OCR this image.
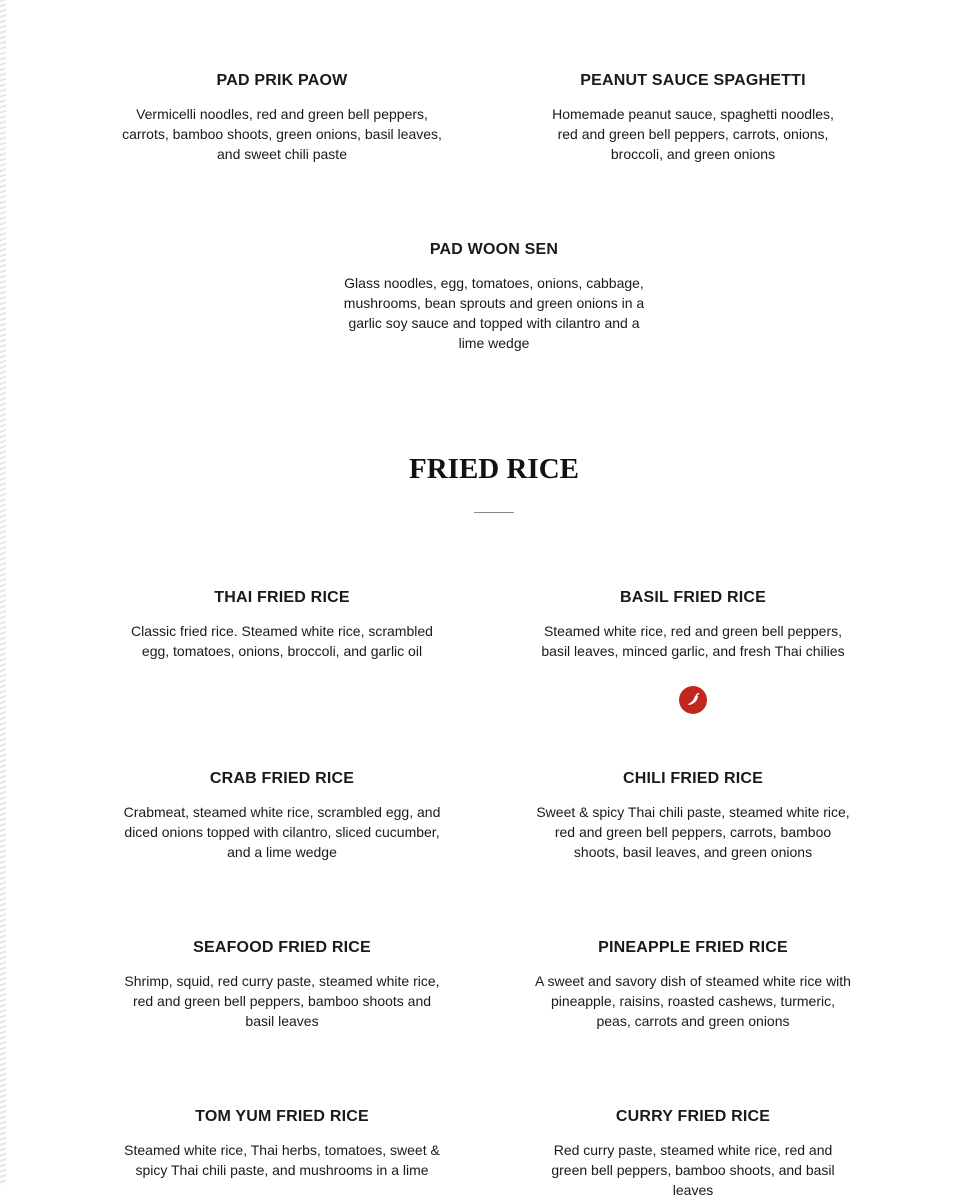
PAD PRIK PAOW

Vermicelli noodles, red and green bell peppers, carrots, bamboo shoots, green onions, basil leaves, and sweet chili paste

PEANUT SAUCE SPAGHETTI

Homemade peanut sauce, spaghetti noodles, red and green bell peppers, carrots, onions, broccoli, and green onions

PAD WOON SEN

Glass noodles, egg, tomatoes, onions, cabbage, mushrooms, bean sprouts and green onions in a garlic soy sauce and topped with cilantro and a lime wedge

FRIED RICE
THAI FRIED RICE

Classic fried rice. Steamed white rice, scrambled egg, tomatoes, onions, broccoli, and garlic oil

BASIL FRIED RICE

Steamed white rice, red and green bell peppers, basil leaves, minced garlic, and fresh Thai chilies

CRAB FRIED RICE

Crabmeat, steamed white rice, scrambled egg, and diced onions topped with cilantro, sliced cucumber, and a lime wedge

CHILI FRIED RICE

Sweet & spicy Thai chili paste, steamed white rice, red and green bell peppers, carrots, bamboo shoots, basil leaves, and green onions

SEAFOOD FRIED RICE

Shrimp, squid, red curry paste, steamed white rice, red and green bell peppers, bamboo shoots and basil leaves

PINEAPPLE FRIED RICE

A sweet and savory dish of steamed white rice with pineapple, raisins, roasted cashews, turmeric, peas, carrots and green onions

TOM YUM FRIED RICE

Steamed white rice, Thai herbs, tomatoes, sweet & spicy Thai chili paste, and mushrooms in a lime

CURRY FRIED RICE

Red curry paste, steamed white rice, red and green bell peppers, bamboo shoots, and basil leaves
